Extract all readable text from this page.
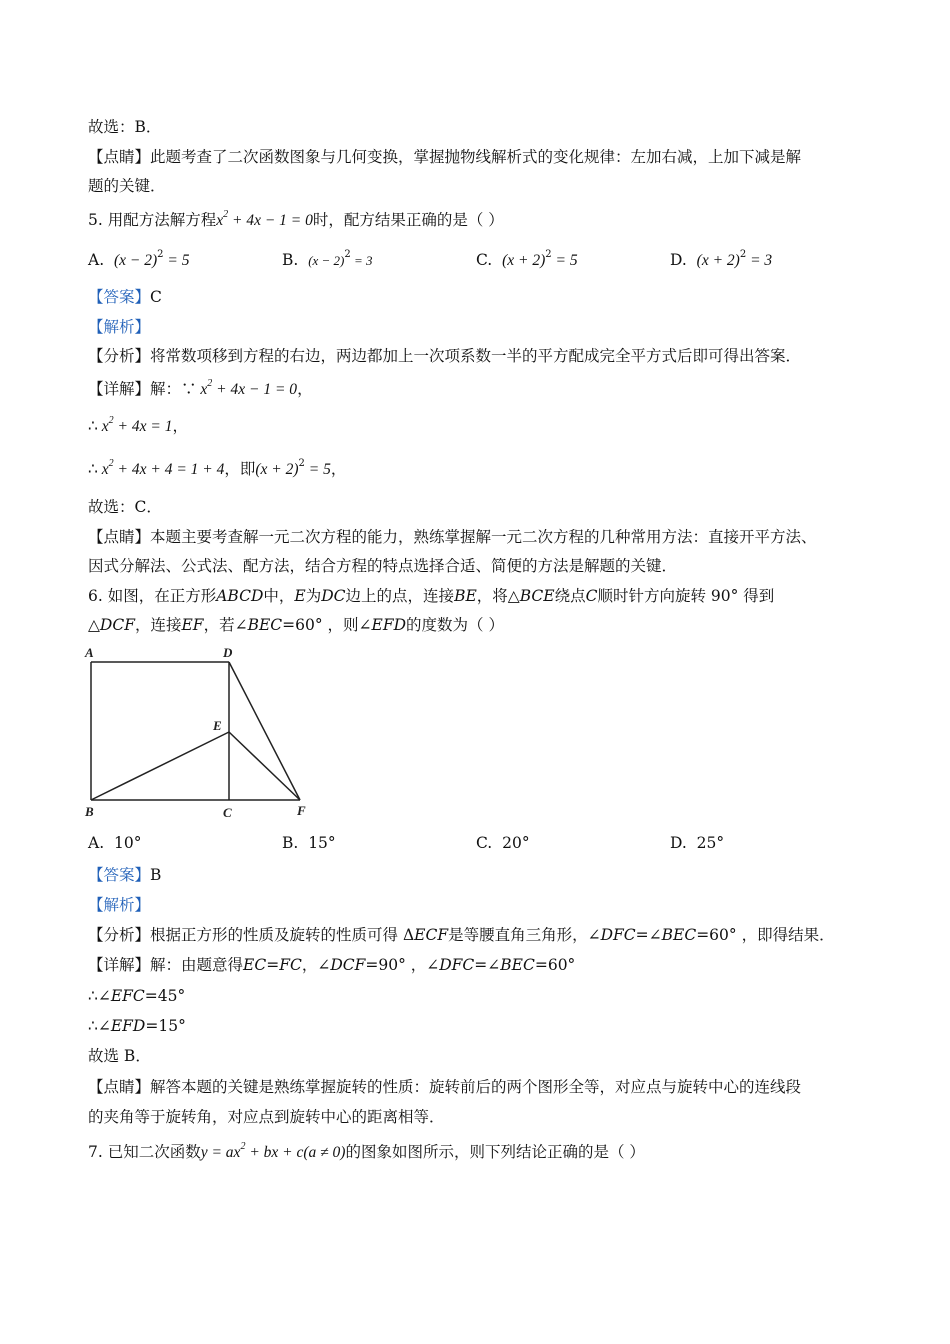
故选：B．
【点睛】此题考查了二次函数图象与几何变换，掌握抛物线解析式的变化规律：左加右减，上加下减是解
题的关键．
5. 用配方法解方程$x^2 + 4x - 1 = 0$时，配方结果正确的是（ ）
A. $(x - 2)^2 = 5$	B. $(x - 2)^2 = 3$	C. $(x + 2)^2 = 5$	D. $(x + 2)^2 = 3$
【答案】C
【解析】
【分析】将常数项移到方程的右边，两边都加上一次项系数一半的平方配成完全平方式后即可得出答案．
【详解】解：∵ $x^2 + 4x - 1 = 0$，
∴ $x^2 + 4x = 1$，
∴ $x^2 + 4x + 4 = 1 + 4$，即$(x + 2)^2 = 5$，
故选：C．
【点睛】本题主要考查解一元二次方程的能力，熟练掌握解一元二次方程的几种常用方法：直接开平方法、
因式分解法、公式法、配方法，结合方程的特点选择合适、简便的方法是解题的关键．
6. 如图，在正方形ABCD中，E为DC边上的点，连接BE，将△BCE绕点C顺时针方向旋转 90° 得到
△DCF，连接EF，若∠BEC=60° ，则∠EFD的度数为（ ）
A	D
E
B	C	F
A. 10°	B. 15°	C. 20°	D. 25°
【答案】B
【解析】
【分析】根据正方形的性质及旋转的性质可得 ΔECF是等腰直角三角形，∠DFC=∠BEC=60° ，即得结果．
【详解】解：由题意得EC=FC，∠DCF=90° ，∠DFC=∠BEC=60°
∴∠EFC=45°
∴∠EFD=15°
故选 B．
【点睛】解答本题的关键是熟练掌握旋转的性质：旋转前后的两个图形全等，对应点与旋转中心的连线段
的夹角等于旋转角，对应点到旋转中心的距离相等．
7. 已知二次函数$y = ax^2$ + bx + c(a ≠ 0)的图象如图所示，则下列结论正确的是（ ）
